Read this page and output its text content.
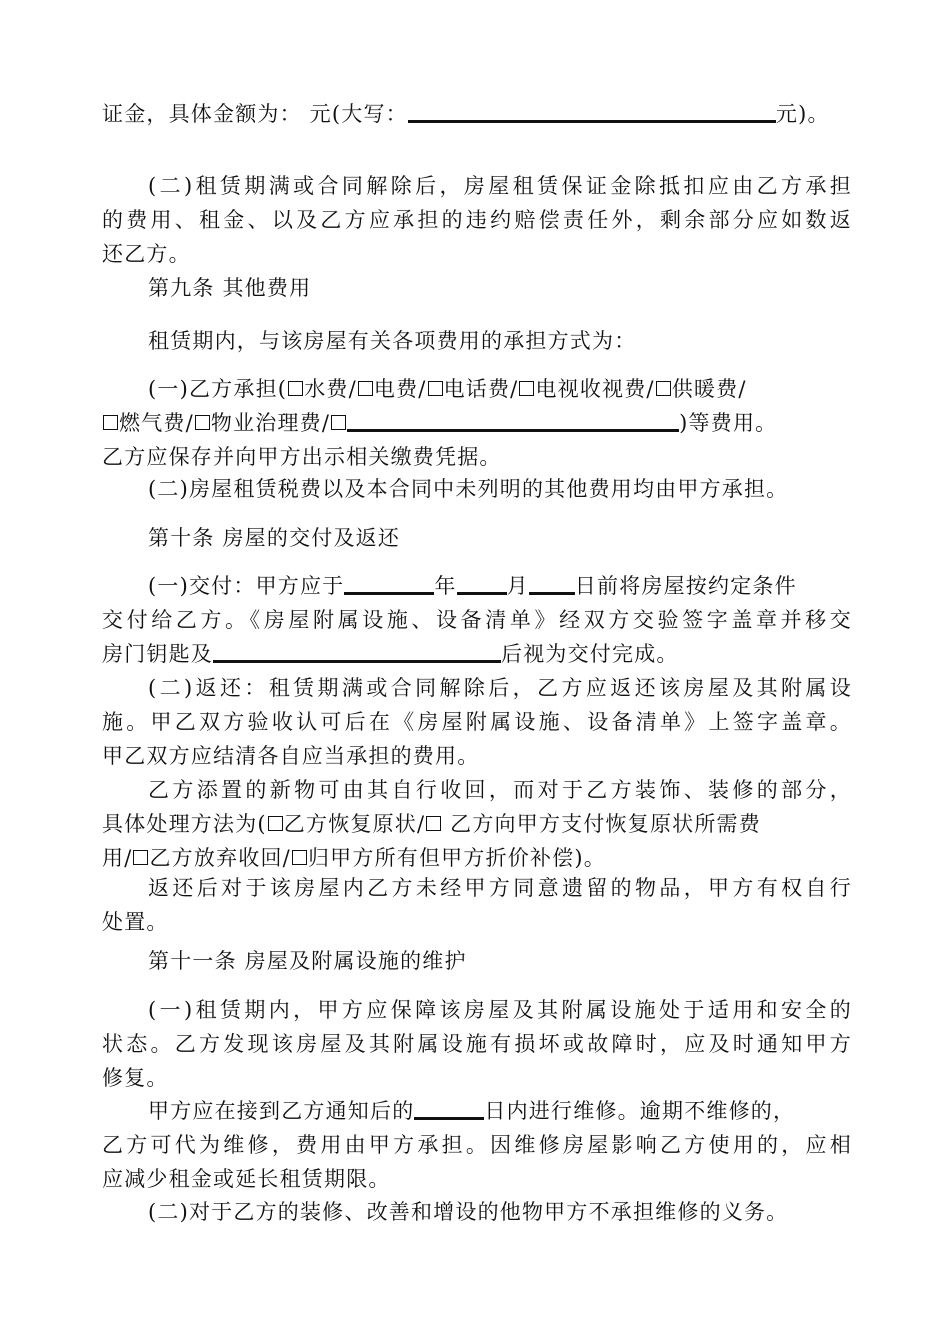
证金，具体金额为： 元(大写：	元)。
(二)租赁期满或合同解除后，房屋租赁保证金除抵扣应由乙方承担
的费用、租金、以及乙方应承担的违约赔偿责任外，剩余部分应如数返
还乙方。
第九条 其他费用
租赁期内，与该房屋有关各项费用的承担方式为：
(一)乙方承担( 水费/ 电费/ 电话费/ 电视收视费/ 供暖费/
燃气费/ 物业治理费/	)等费用。
乙方应保存并向甲方出示相关缴费凭据。
(二)房屋租赁税费以及本合同中未列明的其他费用均由甲方承担。
第十条 房屋的交付及返还
(一)交付：甲方应于	年 月 日前将房屋按约定条件
交付给乙方。《房屋附属设施、设备清单》经双方交验签字盖章并移交
房门钥匙及	后视为交付完成。
(二)返还：租赁期满或合同解除后，乙方应返还该房屋及其附属设
施。甲乙双方验收认可后在《房屋附属设施、设备清单》上签字盖章。
甲乙双方应结清各自应当承担的费用。
乙方添置的新物可由其自行收回，而对于乙方装饰、装修的部分，
具体处理方法为( 乙方恢复原状/ 乙方向甲方支付恢复原状所需费
用/ 乙方放弃收回/ 归甲方所有但甲方折价补偿)。
返还后对于该房屋内乙方未经甲方同意遗留的物品，甲方有权自行
处置。
第十一条 房屋及附属设施的维护
(一)租赁期内，甲方应保障该房屋及其附属设施处于适用和安全的
状态。乙方发现该房屋及其附属设施有损坏或故障时，应及时通知甲方
修复。
甲方应在接到乙方通知后的	日内进行维修。逾期不维修的，
乙方可代为维修，费用由甲方承担。因维修房屋影响乙方使用的，应相
应减少租金或延长租赁期限。
(二)对于乙方的装修、改善和增设的他物甲方不承担维修的义务。
